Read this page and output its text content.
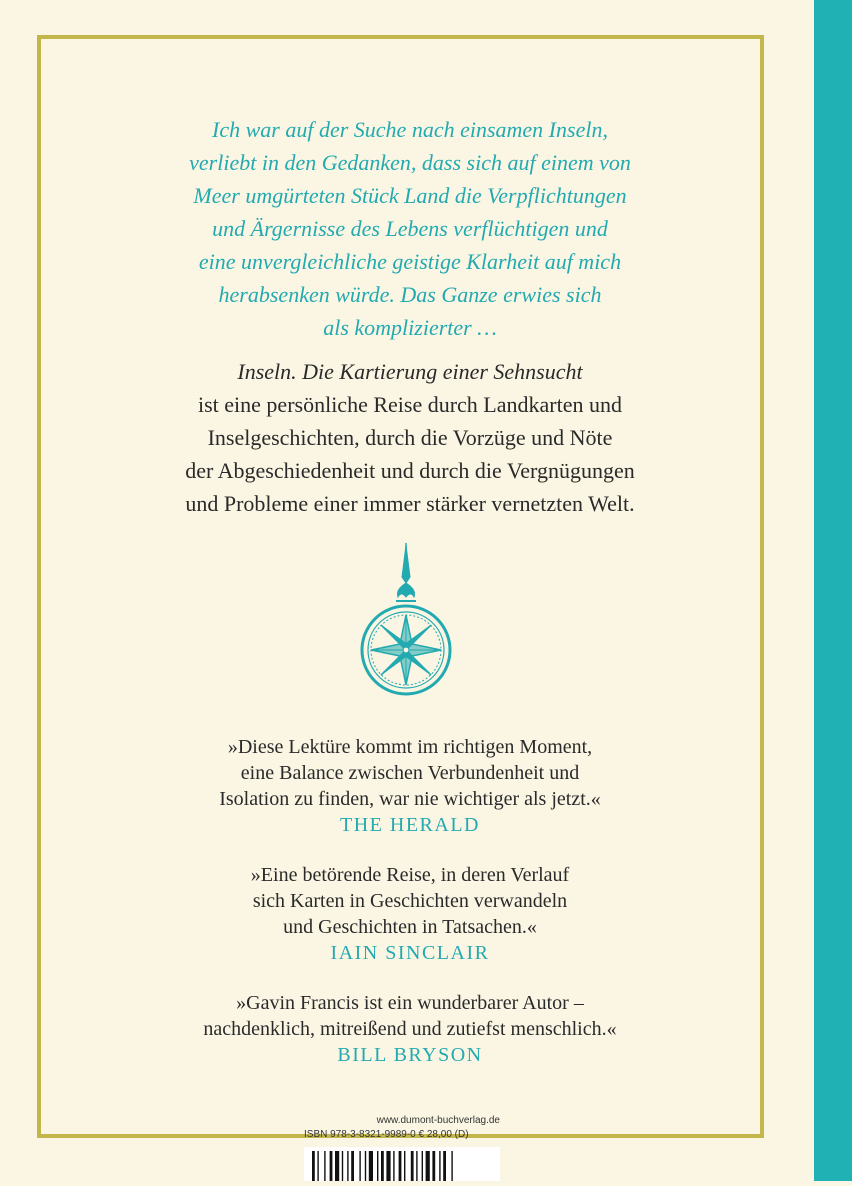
Ich war auf der Suche nach einsamen Inseln,
verliebt in den Gedanken, dass sich auf einem von
Meer umgürteten Stück Land die Verpflichtungen
und Ärgernisse des Lebens verflüchtigen und
eine unvergleichliche geistige Klarheit auf mich
herabsenken würde. Das Ganze erwies sich
als komplizierter …
Inseln. Die Kartierung einer Sehnsucht
ist eine persönliche Reise durch Landkarten und
Inselgeschichten, durch die Vorzüge und Nöte
der Abgeschiedenheit und durch die Vergnügungen
und Probleme einer immer stärker vernetzten Welt.
»Diese Lektüre kommt im richtigen Moment,
eine Balance zwischen Verbundenheit und
Isolation zu finden, war nie wichtiger als jetzt.«
THE HERALD
»Eine betörende Reise, in deren Verlauf
sich Karten in Geschichten verwandeln
und Geschichten in Tatsachen.«
IAIN SINCLAIR
»Gavin Francis ist ein wunderbarer Autor –
nachdenklich, mitreißend und zutiefst menschlich.«
BILL BRYSON
www.dumont-buchverlag.de
ISBN 978-3-8321-9989-0 € 28,00 (D)
